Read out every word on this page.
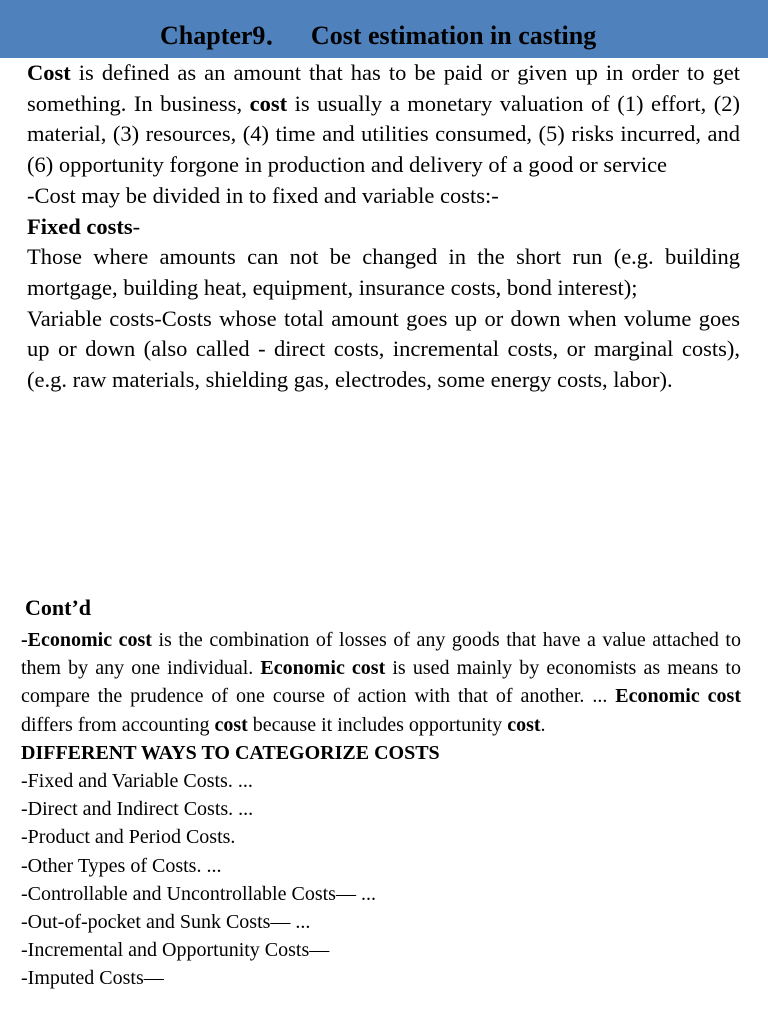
Chapter9．   Cost estimation in casting

Cost is defined as an amount that has to be paid or given up in order to get something. In business, cost is usually a monetary valuation of (1) effort, (2) material, (3) resources, (4) time and utilities consumed, (5) risks incurred, and (6) opportunity forgone in production and delivery of a good or service

-Cost may be divided in to fixed and variable costs:-

Fixed costs-

Those where amounts can not be changed in the short run (e.g. building mortgage, building heat, equipment, insurance costs, bond interest);

Variable costs-Costs whose total amount goes up or down when volume goes up or down (also called - direct costs, incremental costs, or marginal costs), (e.g. raw materials, shielding gas, electrodes, some energy costs, labor).

Cont’d

-Economic cost is the combination of losses of any goods that have a value attached to them by any one individual. Economic cost is used mainly by economists as means to compare the prudence of one course of action with that of another. ... Economic cost differs from accounting cost because it includes opportunity cost.

DIFFERENT WAYS TO CATEGORIZE COSTS

-Fixed and Variable Costs. ...
-Direct and Indirect Costs. ...
-Product and Period Costs.
-Other Types of Costs. ...
-Controllable and Uncontrollable Costs— ...
-Out-of-pocket and Sunk Costs— ...
-Incremental and Opportunity Costs—
-Imputed Costs—
